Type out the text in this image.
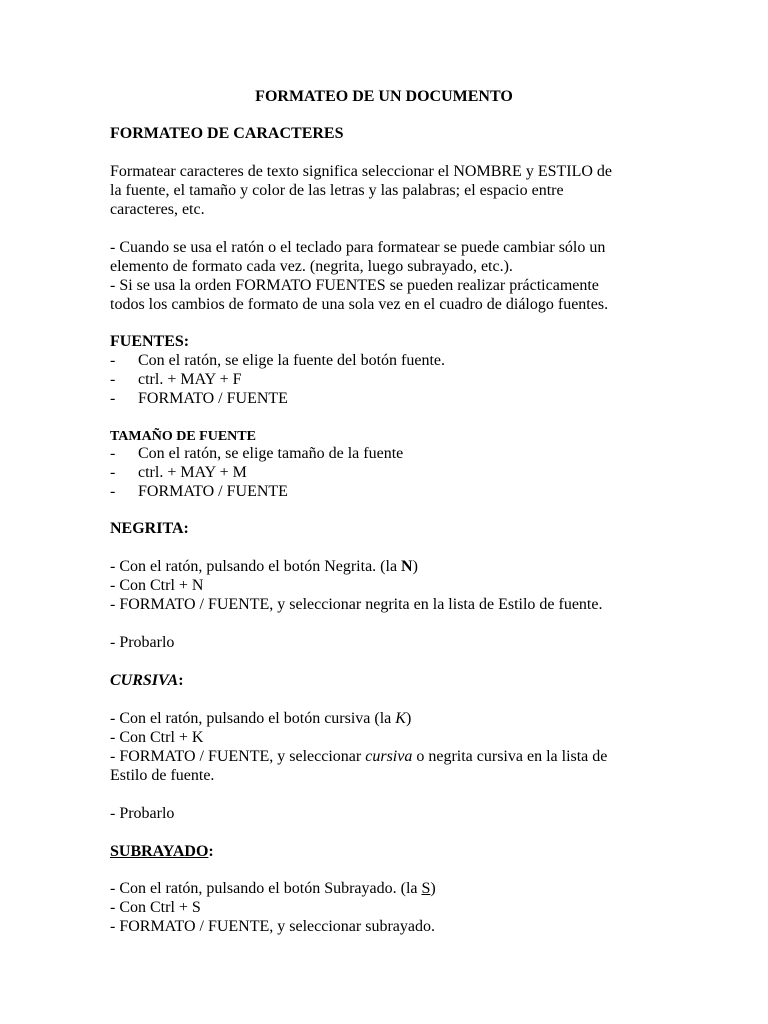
FORMATEO DE UN DOCUMENTO
FORMATEO DE CARACTERES
Formatear caracteres de texto significa seleccionar el NOMBRE y ESTILO de
la fuente, el tamaño y color de las letras y las palabras; el espacio entre
caracteres, etc.
- Cuando se usa el ratón o el teclado para formatear se puede cambiar sólo un
elemento de formato cada vez. (negrita, luego subrayado, etc.).
- Si se usa la orden FORMATO FUENTES se pueden realizar prácticamente
todos los cambios de formato de una sola vez en el cuadro de diálogo fuentes.
FUENTES:
- Con el ratón, se elige la fuente del botón fuente.
- ctrl. + MAY + F
- FORMATO / FUENTE
TAMAÑO DE FUENTE
- Con el ratón, se elige tamaño de la fuente
- ctrl. + MAY + M
- FORMATO / FUENTE
NEGRITA:
- Con el ratón, pulsando el botón Negrita. (la N)
- Con Ctrl + N
- FORMATO / FUENTE, y seleccionar negrita en la lista de Estilo de fuente.
- Probarlo
CURSIVA:
- Con el ratón, pulsando el botón cursiva (la K)
- Con Ctrl + K
- FORMATO / FUENTE, y seleccionar cursiva o negrita cursiva en la lista de
Estilo de fuente.
- Probarlo
SUBRAYADO:
- Con el ratón, pulsando el botón Subrayado. (la S)
- Con Ctrl + S
- FORMATO / FUENTE, y seleccionar subrayado.
